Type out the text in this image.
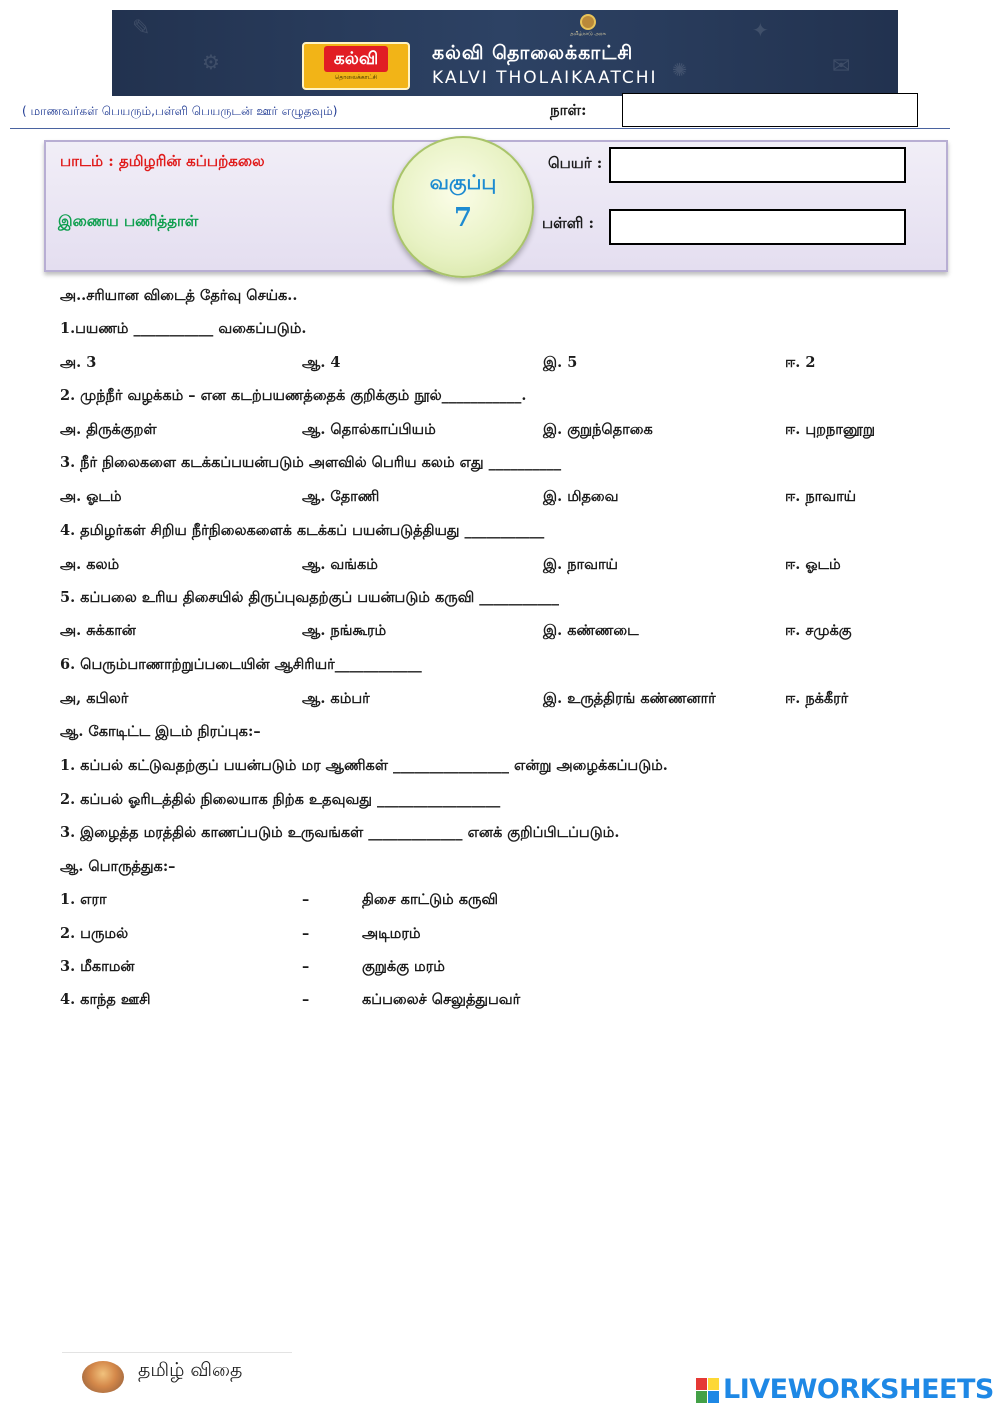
✎
⚙
✦
✉
✺
தமிழ்நாடு அரசு
கல்வி
தொலைக்காட்சி
கல்வி தொலைக்காட்சி
KALVI THOLAIKAATCHI
( மாணவர்கள் பெயரும்,பள்ளி பெயருடன் ஊர் எழுதவும்)	நாள்:
பாடம் : தமிழரின் கப்பற்கலை
இணைய பணித்தாள்
வகுப்பு
7
பெயர் :
பள்ளி :
அ..சரியான விடைத் தேர்வு செய்க..
1.பயணம் ___________ வகைப்படும்.
அ. 3	ஆ. 4	இ. 5	ஈ. 2
2. முந்நீர் வழக்கம் – என கடற்பயணத்தைக் குறிக்கும் நூல்___________.
அ. திருக்குறள்	ஆ. தொல்காப்பியம்	இ. குறுந்தொகை	ஈ. புறநானூறு
3. நீர் நிலைகளை கடக்கப்பயன்படும் அளவில் பெரிய கலம் எது __________
அ. ஓடம்	ஆ. தோணி	இ. மிதவை	ஈ. நாவாய்
4. தமிழர்கள் சிறிய நீர்நிலைகளைக் கடக்கப் பயன்படுத்தியது ___________
அ. கலம்	ஆ. வங்கம்	இ. நாவாய்	ஈ. ஓடம்
5. கப்பலை உரிய திசையில் திருப்புவதற்குப் பயன்படும் கருவி ___________
அ. சுக்கான்	ஆ. நங்கூரம்	இ. கண்ணடை	ஈ. சமுக்கு
6. பெரும்பாணாற்றுப்படையின் ஆசிரியர்____________
அ, கபிலர்	ஆ. கம்பர்	இ. உருத்திரங் கண்ணனார்	ஈ. நக்கீரர்
ஆ. கோடிட்ட இடம் நிரப்புக:–
1. கப்பல் கட்டுவதற்குப் பயன்படும் மர ஆணிகள் ________________ என்று அழைக்கப்படும்.
2. கப்பல் ஓரிடத்தில் நிலையாக நிற்க உதவுவது _________________
3. இழைத்த மரத்தில் காணப்படும் உருவங்கள் _____________ எனக் குறிப்பிடப்படும்.
ஆ. பொருத்துக:–
1. எரா	–	திசை காட்டும் கருவி
2. பருமல்	–	அடிமரம்
3. மீகாமன்	–	குறுக்கு மரம்
4. காந்த ஊசி	–	கப்பலைச் செலுத்துபவர்
தமிழ் விதை
LIVEWORKSHEETS
